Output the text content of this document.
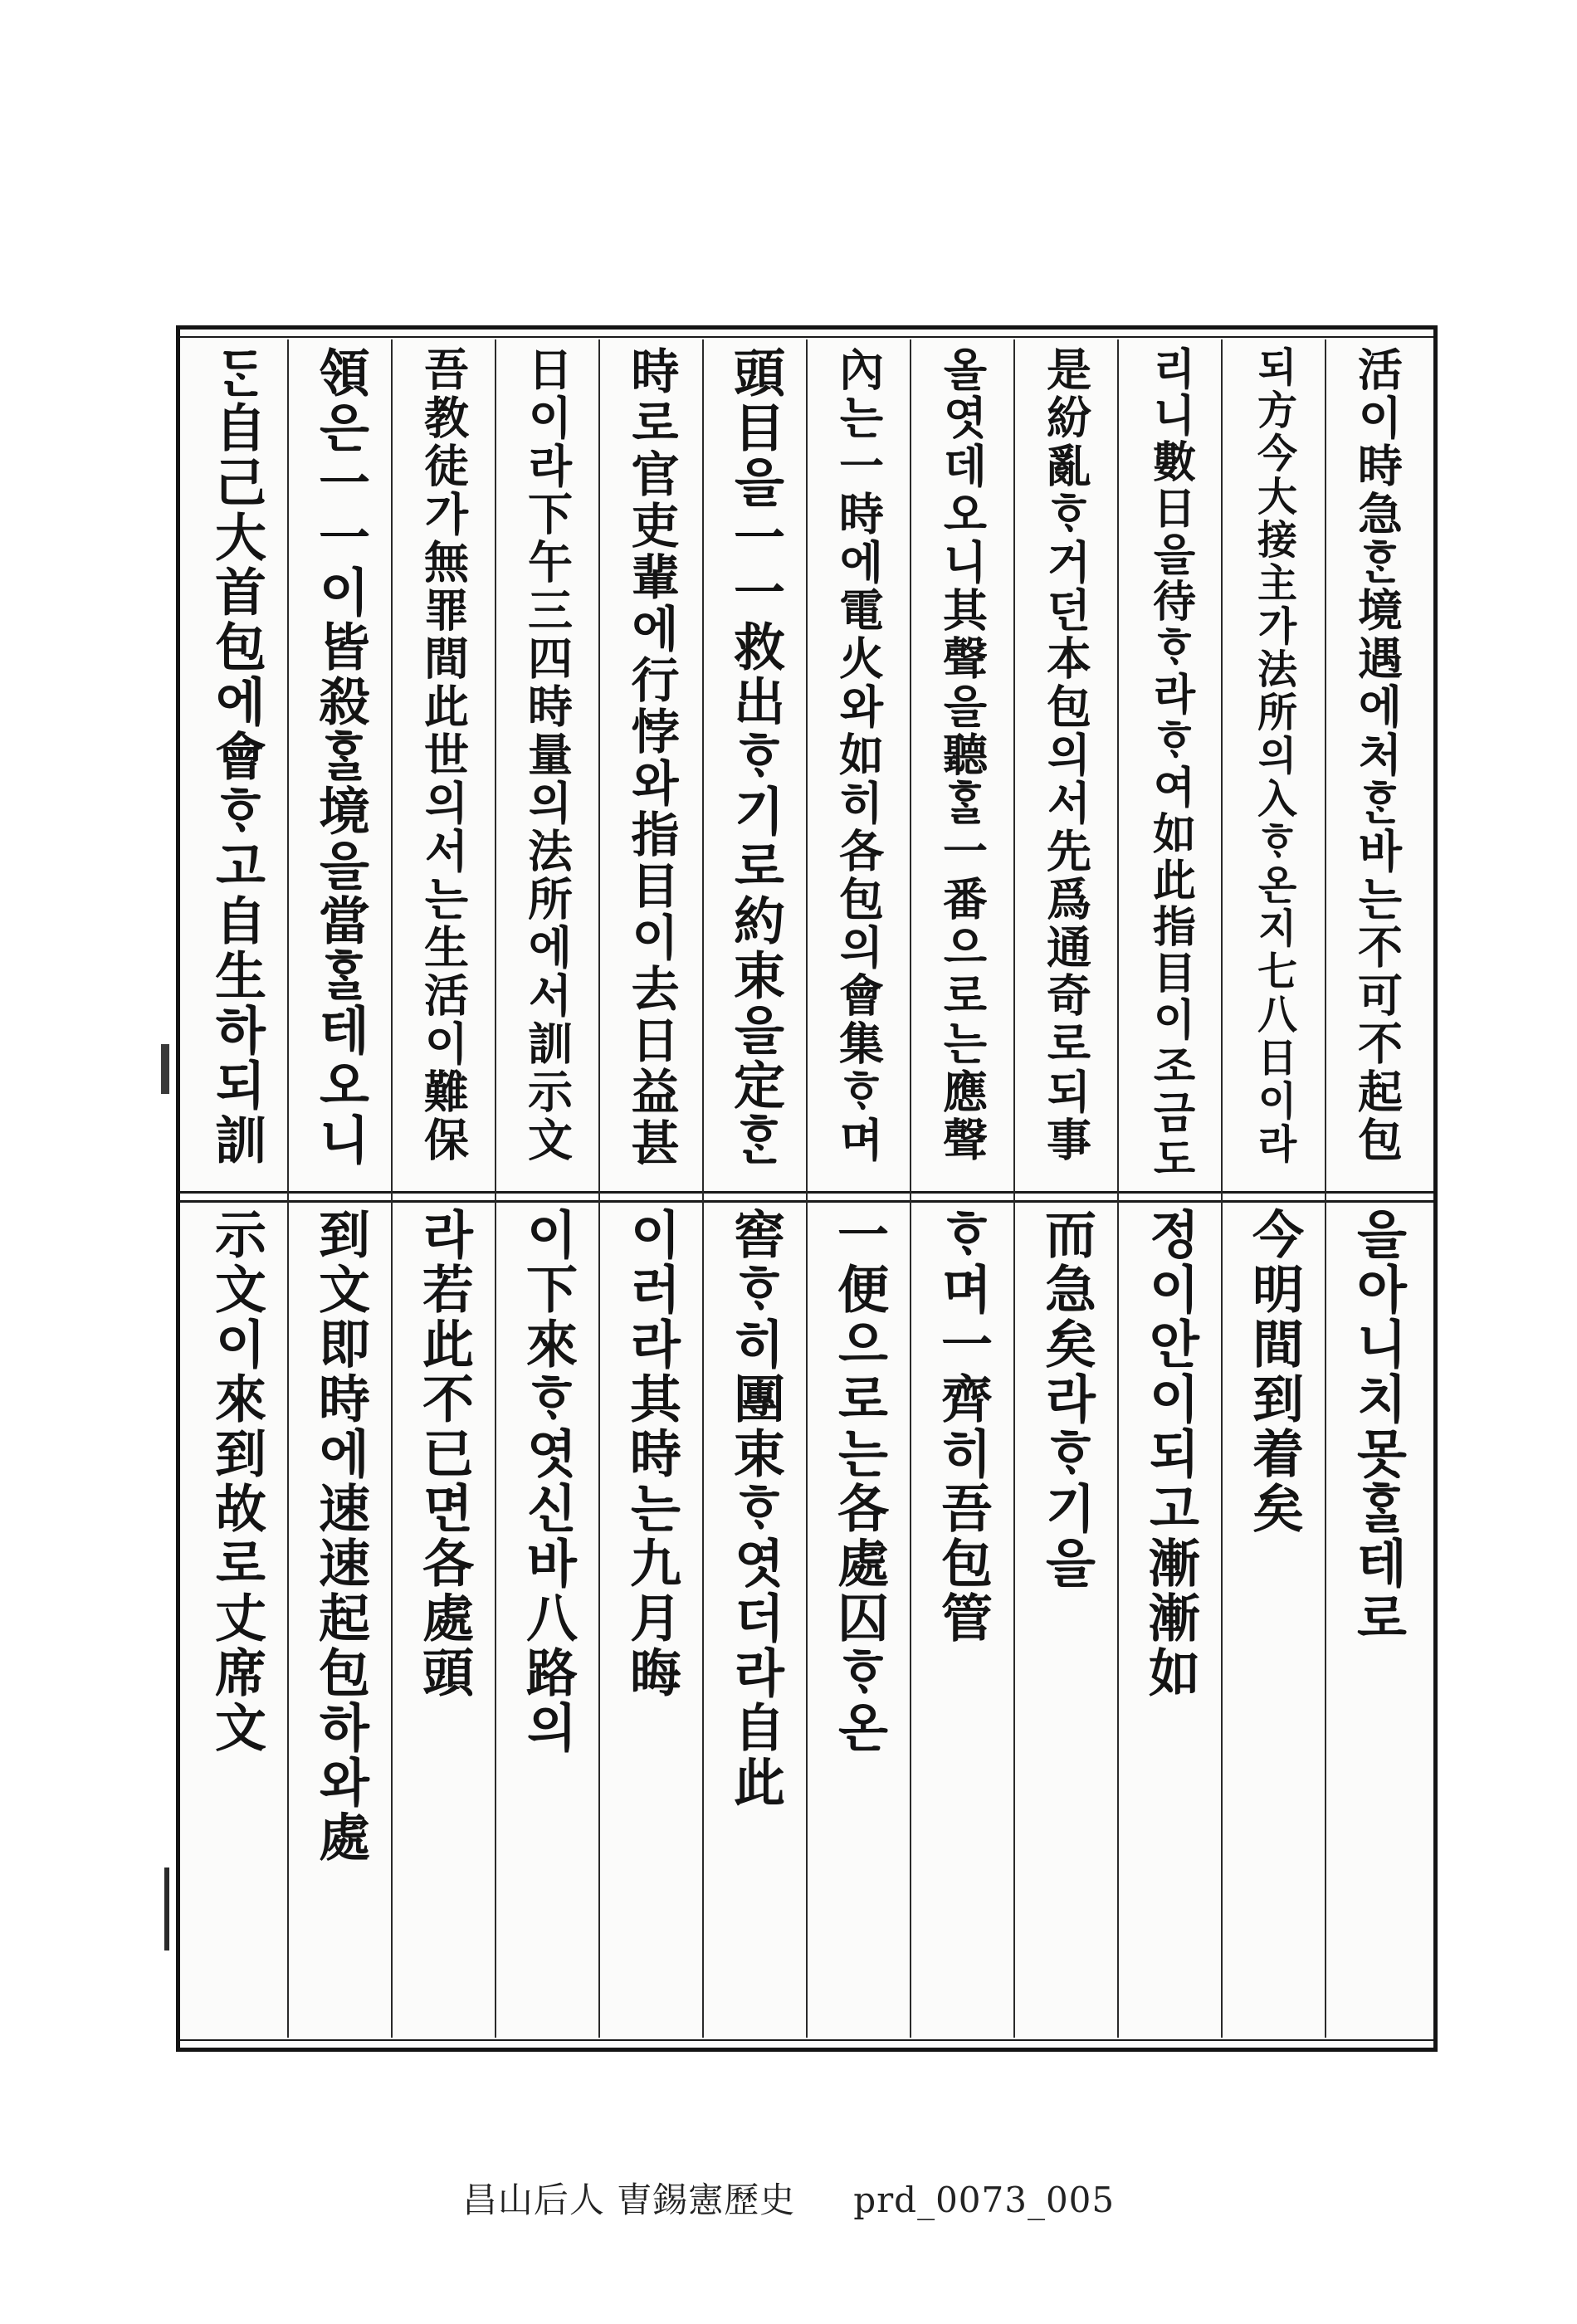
活이時急ᄒᆞᆫ境遇에처ᄒᆞᆫ바는不可不起包
을아니치못ᄒᆞᆯ테로
되方今大接主가法所의入ᄒᆞ온지七八日이라
今明間到着矣
리니數日을待ᄒᆞ라ᄒᆞ여如此指目이조금도
정이안이되고漸漸如
是紛亂ᄒᆞ거던本包의서先爲通奇로되事
而急矣라ᄒᆞ기을
올엿데오니其聲을聽ᄒᆞᆯ一番으로는應聲
ᄒᆞ며一齊히吾包管
內는一時에電火와如히各包의會集ᄒᆞ며
一便으로는各處囚ᄒᆞ온
頭目을一一救出ᄒᆞ기로約束을定ᄒᆞᆫ
窖ᄒᆞ히團束ᄒᆞ엿더라自此
時로官吏輩에行悖와指目이去日益甚
이러라其時는九月晦
日이라下午三四時量의法所에서訓示文
이下來ᄒᆞ엿신바八路의
吾教徒가無罪間此世의서는生活이難保
라若此不已면各處頭
領은一一이皆殺ᄒᆞᆯ境을當ᄒᆞᆯ테오니
到文即時에速速起包하와處
ᄃᆞᆫ自己大首包에會ᄒᆞ고自生하되訓
示文이來到故로丈席文
昌山后人 曺錫憲歷史 prd_0073_005
